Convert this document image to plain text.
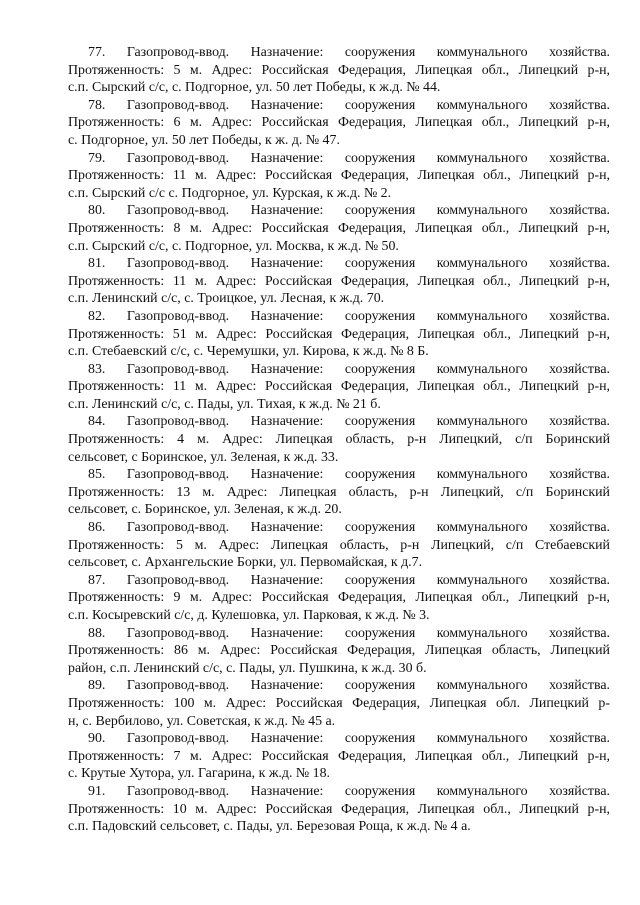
77. Газопровод-ввод. Назначение: сооружения коммунального хозяйства.
Протяженность: 5 м. Адрес: Российская Федерация, Липецкая обл., Липецкий р-н,
с.п. Сырский с/с, с. Подгорное, ул. 50 лет Победы, к ж.д. № 44.
78. Газопровод-ввод. Назначение: сооружения коммунального хозяйства.
Протяженность: 6 м. Адрес: Российская Федерация, Липецкая обл., Липецкий р-н,
с. Подгорное, ул. 50 лет Победы, к ж. д. № 47.
79. Газопровод-ввод. Назначение: сооружения коммунального хозяйства.
Протяженность: 11 м. Адрес: Российская Федерация, Липецкая обл., Липецкий р-н,
с.п. Сырский с/с с. Подгорное, ул. Курская, к ж.д. № 2.
80. Газопровод-ввод. Назначение: сооружения коммунального хозяйства.
Протяженность: 8 м. Адрес: Российская Федерация, Липецкая обл., Липецкий р-н,
с.п. Сырский с/с, с. Подгорное, ул. Москва, к ж.д. № 50.
81. Газопровод-ввод. Назначение: сооружения коммунального хозяйства.
Протяженность: 11 м. Адрес: Российская Федерация, Липецкая обл., Липецкий р-н,
с.п. Ленинский с/с, с. Троицкое, ул. Лесная, к ж.д. 70.
82. Газопровод-ввод. Назначение: сооружения коммунального хозяйства.
Протяженность: 51 м. Адрес: Российская Федерация, Липецкая обл., Липецкий р-н,
с.п. Стебаевский с/с, с. Черемушки, ул. Кирова, к ж.д. № 8 Б.
83. Газопровод-ввод. Назначение: сооружения коммунального хозяйства.
Протяженность: 11 м. Адрес: Российская Федерация, Липецкая обл., Липецкий р-н,
с.п. Ленинский с/с, с. Пады, ул. Тихая, к ж.д. № 21 б.
84. Газопровод-ввод. Назначение: сооружения коммунального хозяйства.
Протяженность: 4 м. Адрес: Липецкая область, р-н Липецкий, с/п Боринский
сельсовет, с Боринское, ул. Зеленая, к ж.д. 33.
85. Газопровод-ввод. Назначение: сооружения коммунального хозяйства.
Протяженность: 13 м. Адрес: Липецкая область, р-н Липецкий, с/п Боринский
сельсовет, с. Боринское, ул. Зеленая, к ж.д. 20.
86. Газопровод-ввод. Назначение: сооружения коммунального хозяйства.
Протяженность: 5 м. Адрес: Липецкая область, р-н Липецкий, с/п Стебаевский
сельсовет, с. Архангельские Борки, ул. Первомайская, к д.7.
87. Газопровод-ввод. Назначение: сооружения коммунального хозяйства.
Протяженность: 9 м. Адрес: Российская Федерация, Липецкая обл., Липецкий р-н,
с.п. Косыревский с/с, д. Кулешовка, ул. Парковая, к ж.д. № 3.
88. Газопровод-ввод. Назначение: сооружения коммунального хозяйства.
Протяженность: 86 м. Адрес: Российская Федерация, Липецкая область, Липецкий
район, с.п. Ленинский с/с, с. Пады, ул. Пушкина, к ж.д. 30 б.
89. Газопровод-ввод. Назначение: сооружения коммунального хозяйства.
Протяженность: 100 м. Адрес: Российская Федерация, Липецкая обл. Липецкий р-
н, с. Вербилово, ул. Советская, к ж.д. № 45 а.
90. Газопровод-ввод. Назначение: сооружения коммунального хозяйства.
Протяженность: 7 м. Адрес: Российская Федерация, Липецкая обл., Липецкий р-н,
с. Крутые Хутора, ул. Гагарина, к ж.д. № 18.
91. Газопровод-ввод. Назначение: сооружения коммунального хозяйства.
Протяженность: 10 м. Адрес: Российская Федерация, Липецкая обл., Липецкий р-н,
с.п. Падовский сельсовет, с. Пады, ул. Березовая Роща, к ж.д. № 4 а.
